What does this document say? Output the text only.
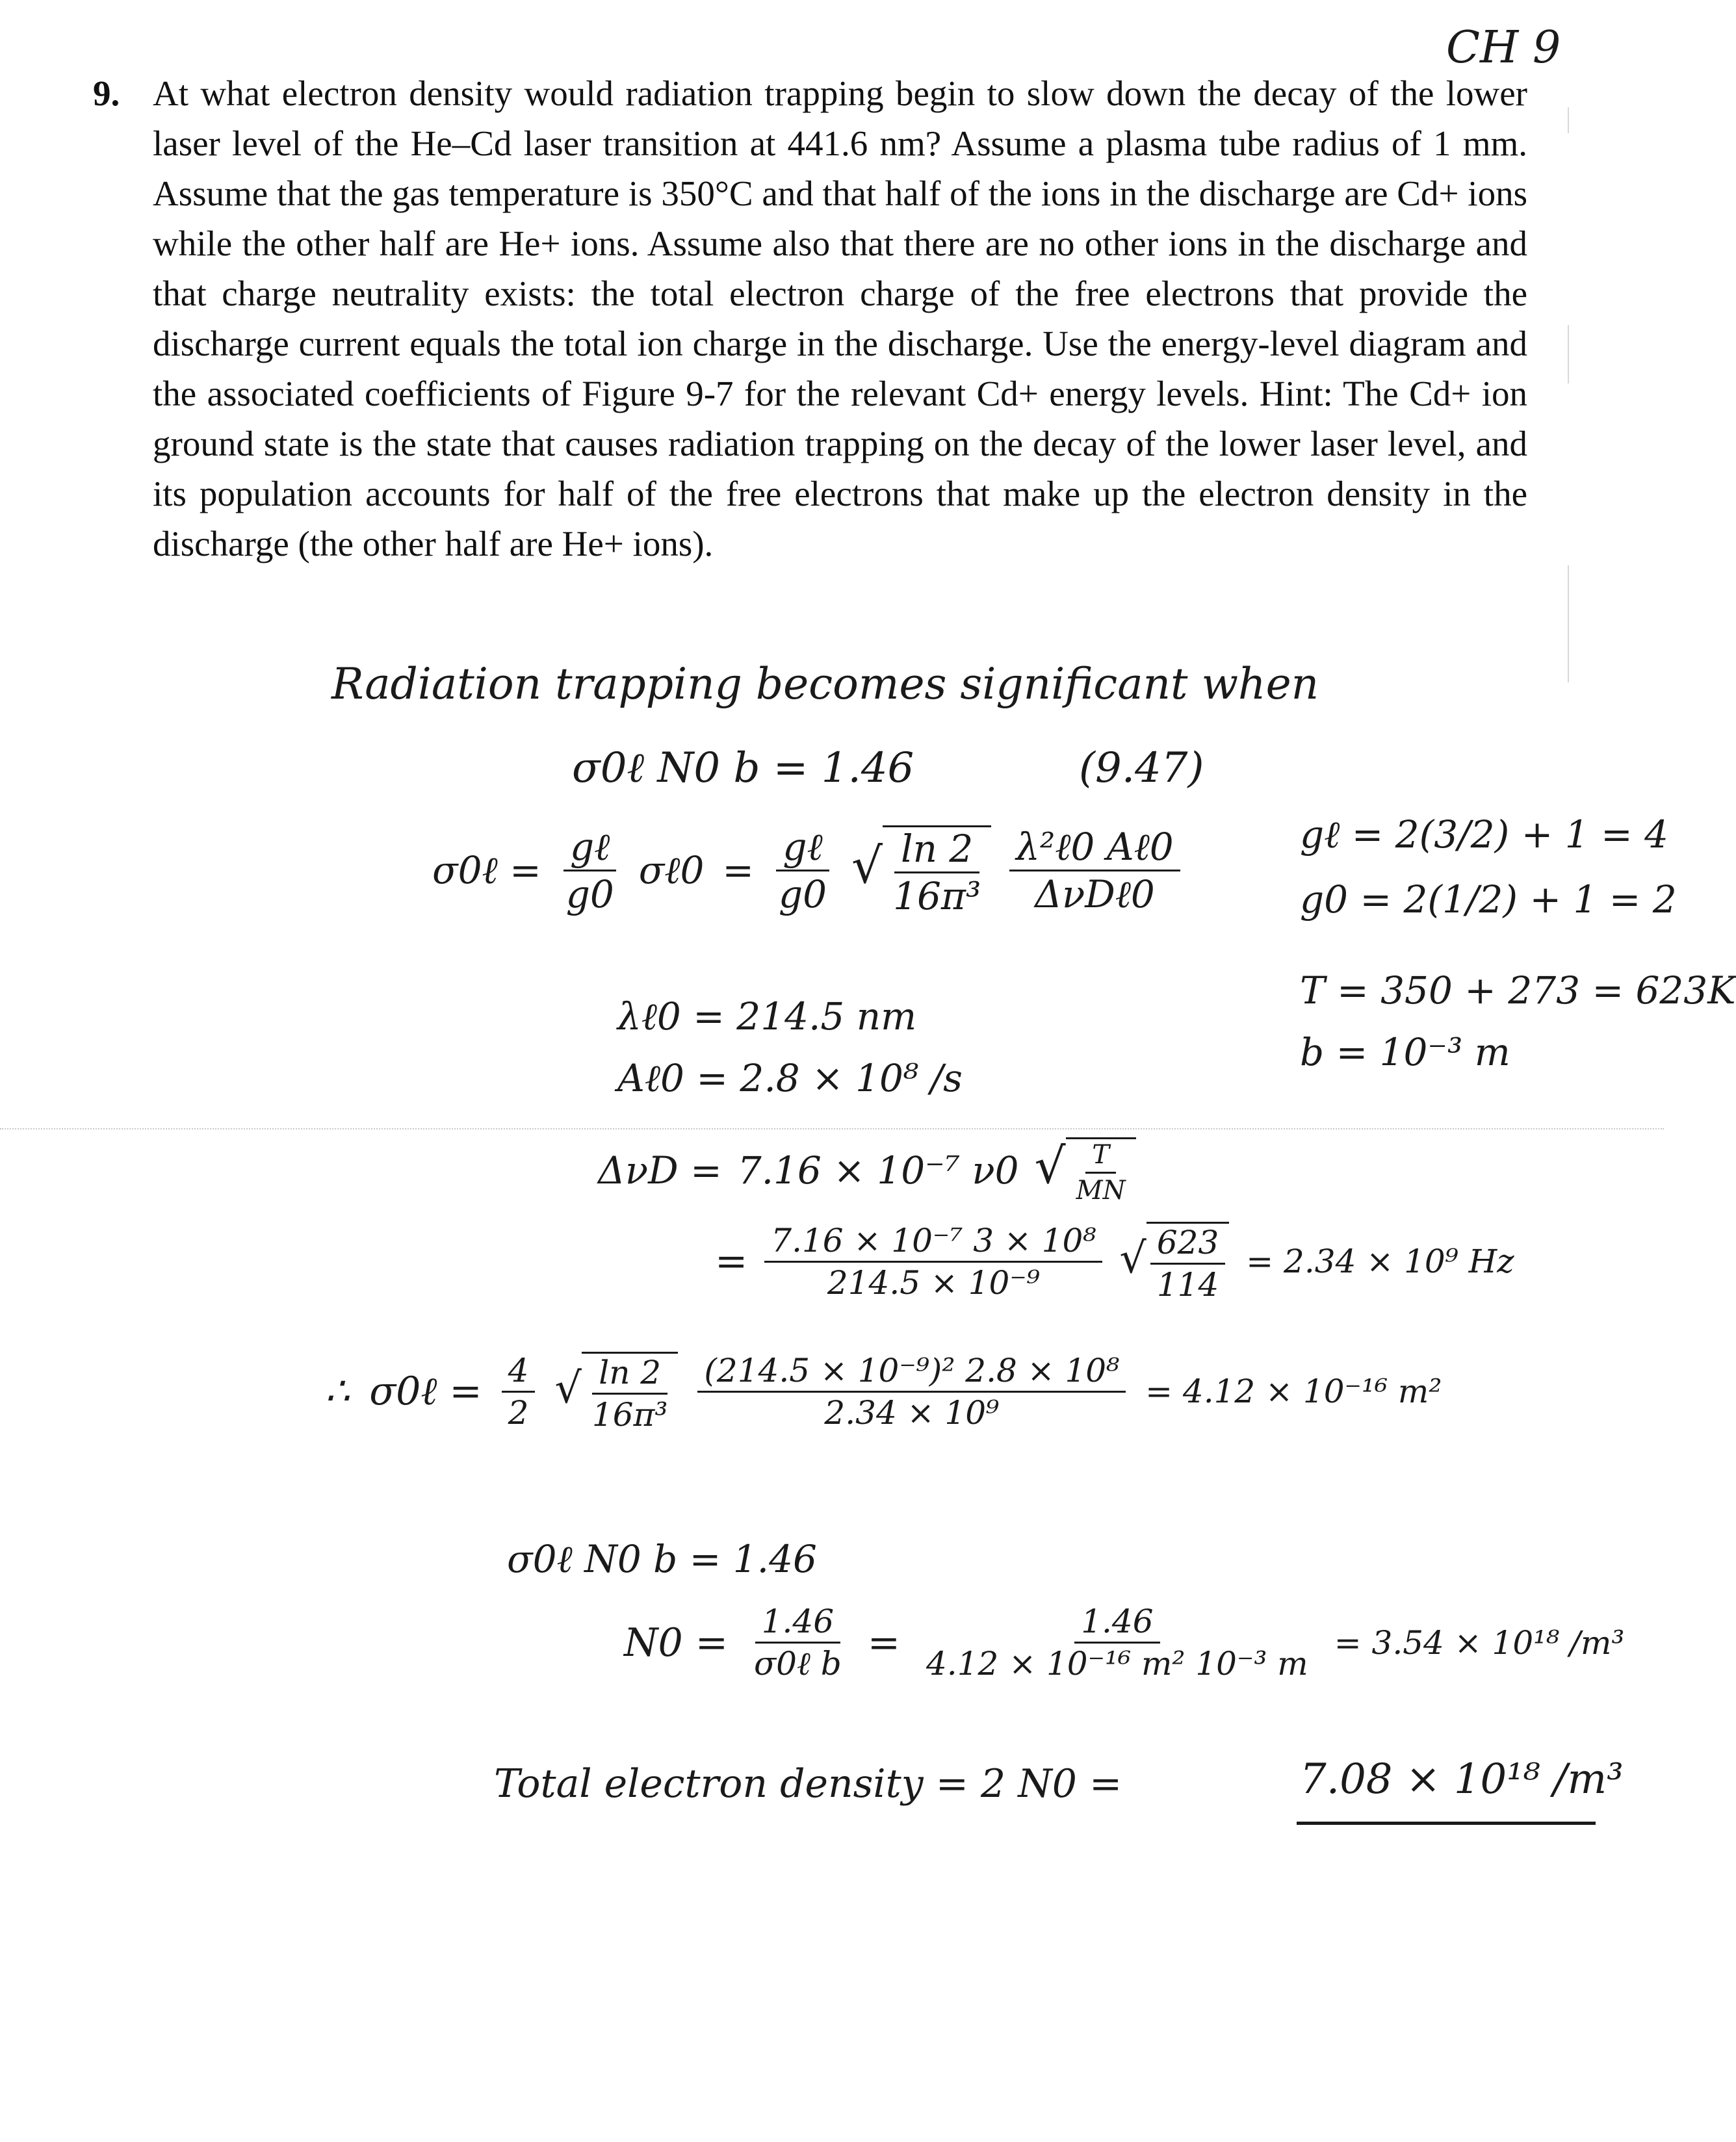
CH 9
9. At what electron density would radiation trapping begin to slow down the decay of the lower laser level of the He–Cd laser transition at 441.6 nm? Assume a plasma tube radius of 1 mm. Assume that the gas temperature is 350°C and that half of the ions in the discharge are Cd+ ions while the other half are He+ ions. Assume also that there are no other ions in the discharge and that charge neutrality exists: the total electron charge of the free electrons that provide the discharge current equals the total ion charge in the discharge. Use the energy-level diagram and the associated coefficients of Figure 9-7 for the relevant Cd+ energy levels. Hint: The Cd+ ion ground state is the state that causes radiation trapping on the decay of the lower laser level, and its population accounts for half of the free electrons that make up the electron density in the discharge (the other half are He+ ions).
Radiation trapping becomes significant when
σ0ℓ N0 b = 1.46	(9.47)
σ0ℓ = $\frac{\text{gℓ}}{g0}$ σℓ0 = $\frac{\text{gℓ}}{g0}$ √ $\frac{\ln 2}{\text{16π³}} \frac{\text{λ²ℓ0 Aℓ0}}{\text{ΔνDℓ0}}$	gℓ = 2(3/2) + 1 = 4
g0 = 2(1/2) + 1 = 2
λℓ0 = 214.5 nm
Aℓ0 = 2.8 × 10⁸ /s
T = 350 + 273 = 623K
b = 10⁻³ m
ΔνD = 7.16 × 10⁻⁷ ν0 √ $\frac{T}{MN}$
= $\frac{\text{7.16 × 10⁻⁷ 3 × 10⁸}}{\text{214.5 × 10⁻⁹}}$ √ $\frac{623}{114} = 2.34 \times 10^9$ Hz
∴ σ0ℓ = $\frac{4}{2}$ √ $\frac{\ln 2}{\text{16π³}} \frac{\text{(214.5 × 10⁻⁹)² 2.8 × 10⁸}}{\text{2.34 × 10⁹}} = 4.12 \times 10^{-16}$ m²
σ0ℓ N0 b = 1.46
$N0 = \frac{1.46}{\text{σ0ℓ b}} = \frac{1.46}{\text{4.12 × 10⁻¹⁶ m² 10⁻³ m}} = 3.54 \times 10^{18}$ /m³
Total electron density = 2 N0 =	7.08 × 10¹⁸ /m³
